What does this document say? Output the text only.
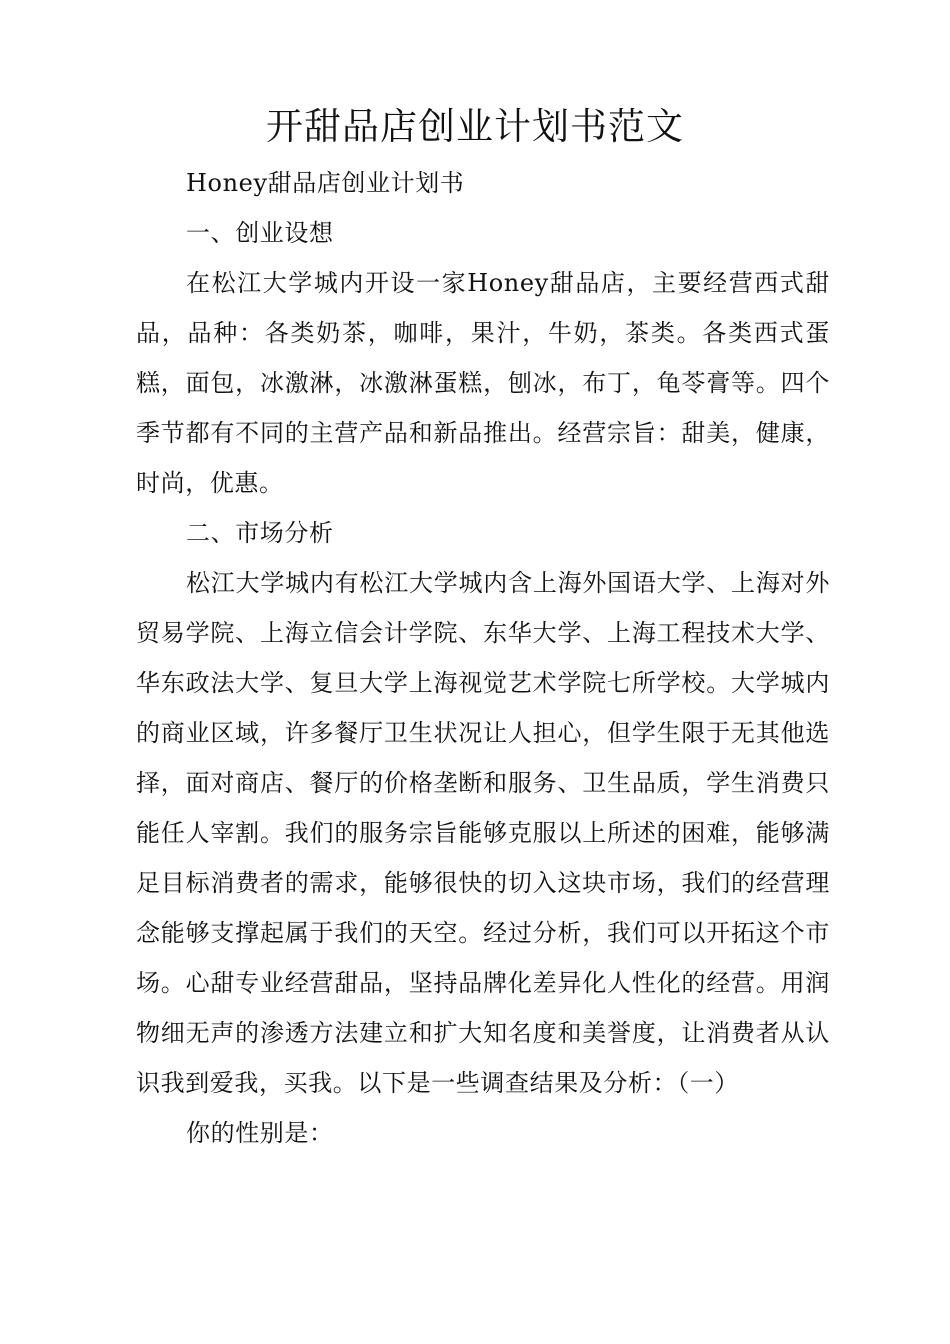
开甜品店创业计划书范文

Honey甜品店创业计划书

一、创业设想

在松江大学城内开设一家Honey甜品店，主要经营西式甜品，品种：各类奶茶，咖啡，果汁，牛奶，茶类。各类西式蛋糕，面包，冰激淋，冰激淋蛋糕，刨冰，布丁，龟苓膏等。四个季节都有不同的主营产品和新品推出。经营宗旨：甜美，健康，时尚，优惠。

二、市场分析

松江大学城内有松江大学城内含上海外国语大学、上海对外贸易学院、上海立信会计学院、东华大学、上海工程技术大学、华东政法大学、复旦大学上海视觉艺术学院七所学校。大学城内的商业区域，许多餐厅卫生状况让人担心，但学生限于无其他选择，面对商店、餐厅的价格垄断和服务、卫生品质，学生消费只能任人宰割。我们的服务宗旨能够克服以上所述的困难，能够满足目标消费者的需求，能够很快的切入这块市场，我们的经营理念能够支撑起属于我们的天空。经过分析，我们可以开拓这个市场。心甜专业经营甜品，坚持品牌化差异化人性化的经营。用润物细无声的渗透方法建立和扩大知名度和美誉度，让消费者从认识我到爱我，买我。以下是一些调查结果及分析：（一）

你的性别是：
